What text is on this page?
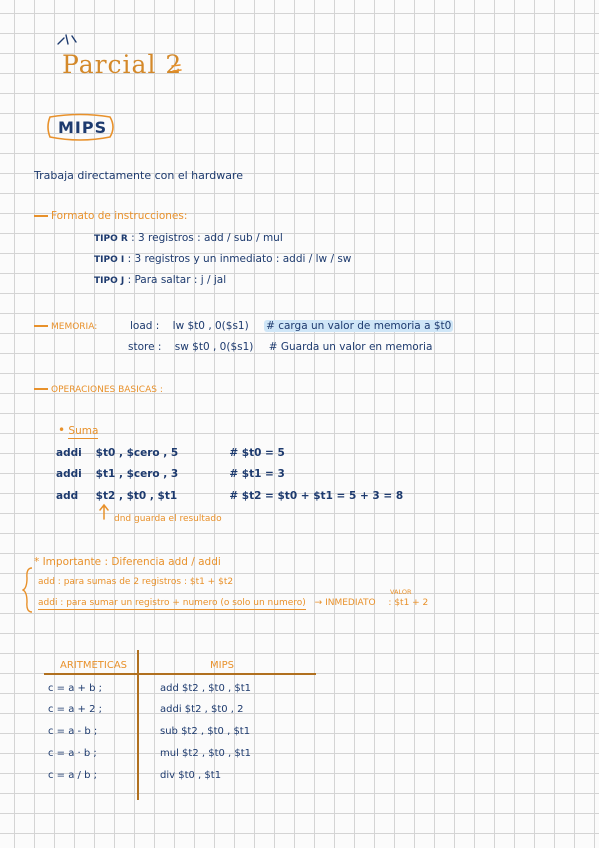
Parcial 2
MIPS
Trabaja directamente con el hardware
Formato de instrucciones:
TIPO R : 3 registros : add / sub / mul
TIPO I : 3 registros y un inmediato : addi / lw / sw
TIPO J : Para saltar : j / jal
MEMORIA:	load : lw $t0 , 0($s1) # carga un valor de memoria a $t0
store : sw $t0 , 0($s1) # Guarda un valor en memoria
OPERACIONES BASICAS :
• Suma
addi $t0 , $cero , 5	# $t0 = 5
addi $t1 , $cero , 3	# $t1 = 3
add $t2 , $t0 , $t1	# $t2 = $t0 + $t1 = 5 + 3 = 8
dnd guarda el resultado
* Importante : Diferencia add / addi
add : para sumas de 2 registros : $t1 + $t2
VALOR
addi : para sumar un registro + numero (o solo un numero) → INMEDIATO : $t1 + 2
ARITMETICAS	MIPS
c = a + b ;	add $t2 , $t0 , $t1
c = a + 2 ;	addi $t2 , $t0 , 2
c = a - b ;	sub $t2 , $t0 , $t1
c = a · b ;	mul $t2 , $t0 , $t1
c = a / b ;	div $t0 , $t1
